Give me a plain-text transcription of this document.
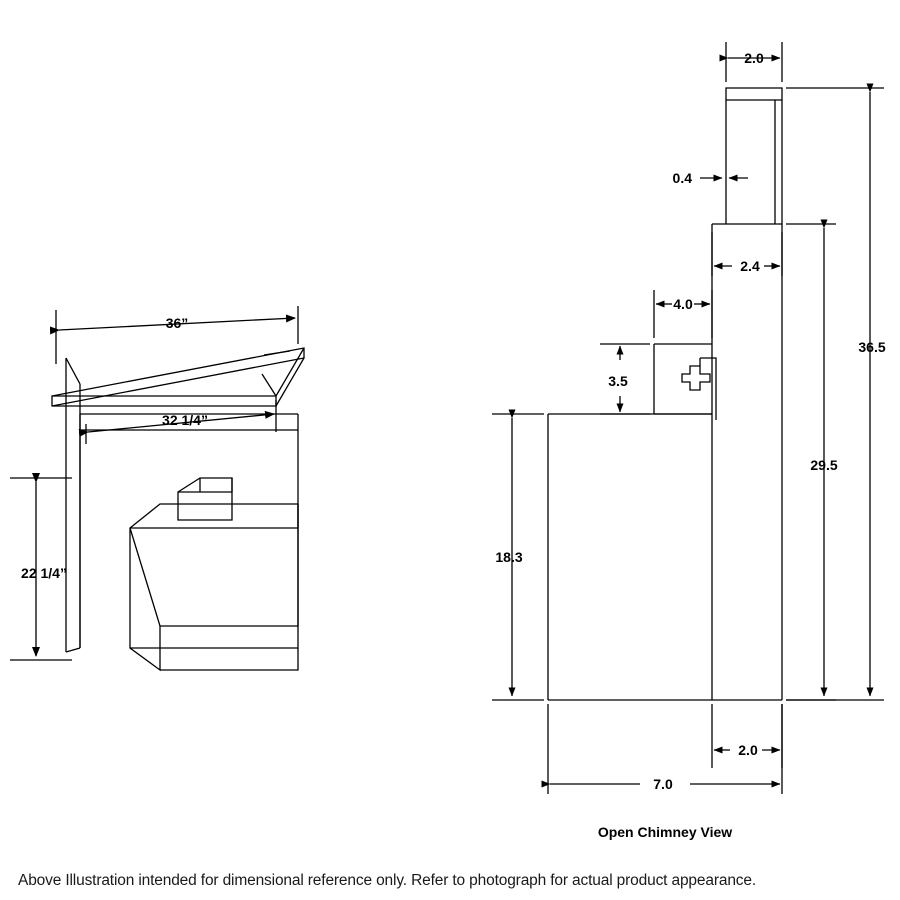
36”
32 1/4”
22 1/4”
2.0
0.4
2.4
4.0
3.5
18.3
29.5
36.5
2.0
7.0
Open Chimney View
Above Illustration intended for dimensional reference only. Refer to photograph for actual product appearance.
